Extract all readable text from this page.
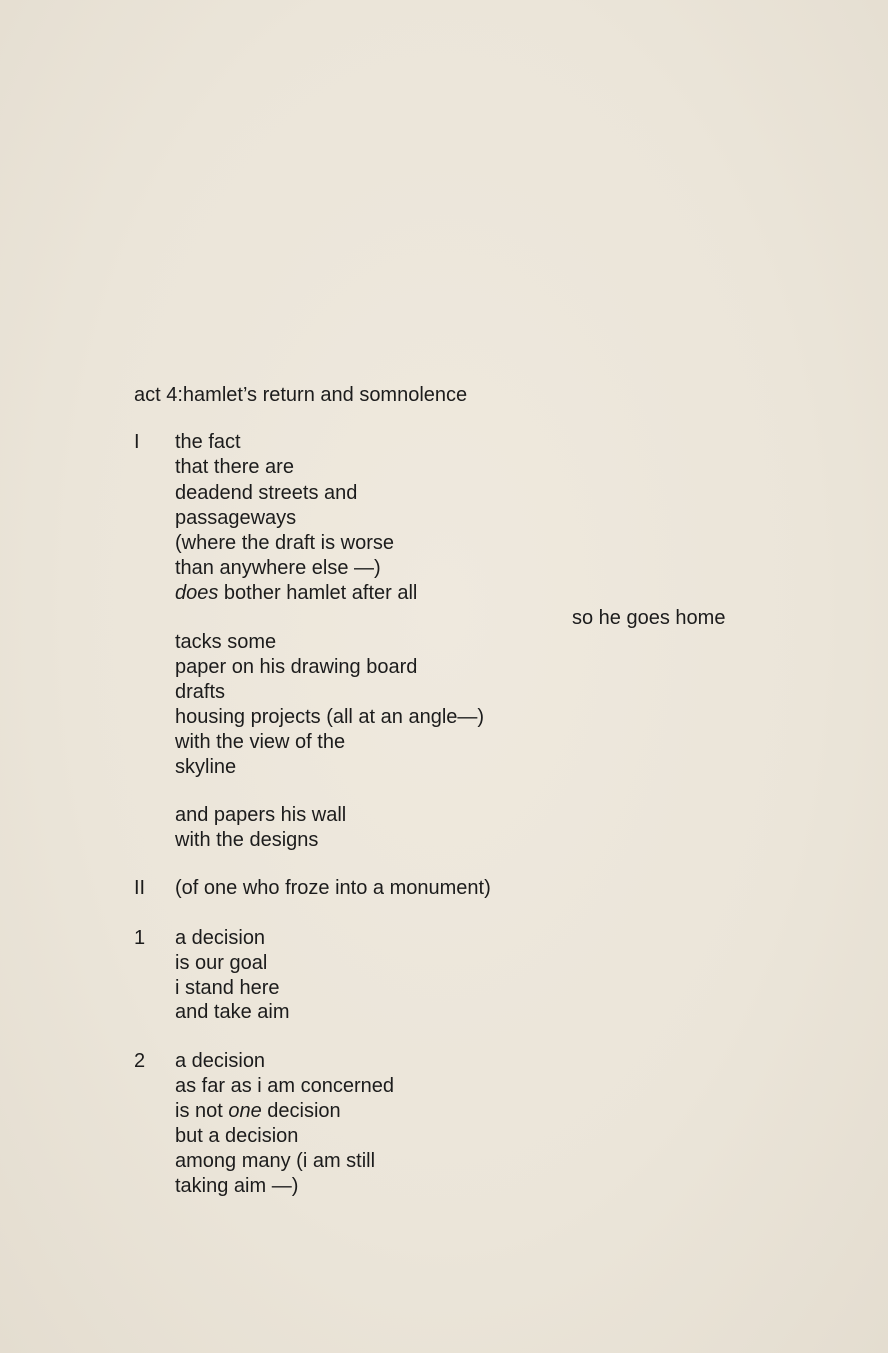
act 4:hamlet’s return and somnolence
I the fact
that there are
deadend streets and
passageways
(where the draft is worse
than anywhere else —)
does bother hamlet after all
so he goes home
tacks some
paper on his drawing board
drafts
housing projects (all at an angle—)
with the view of the
skyline
and papers his wall
with the designs
II (of one who froze into a monument)
1 a decision
is our goal
i stand here
and take aim
2 a decision
as far as i am concerned
is not one decision
but a decision
among many (i am still
taking aim —)
